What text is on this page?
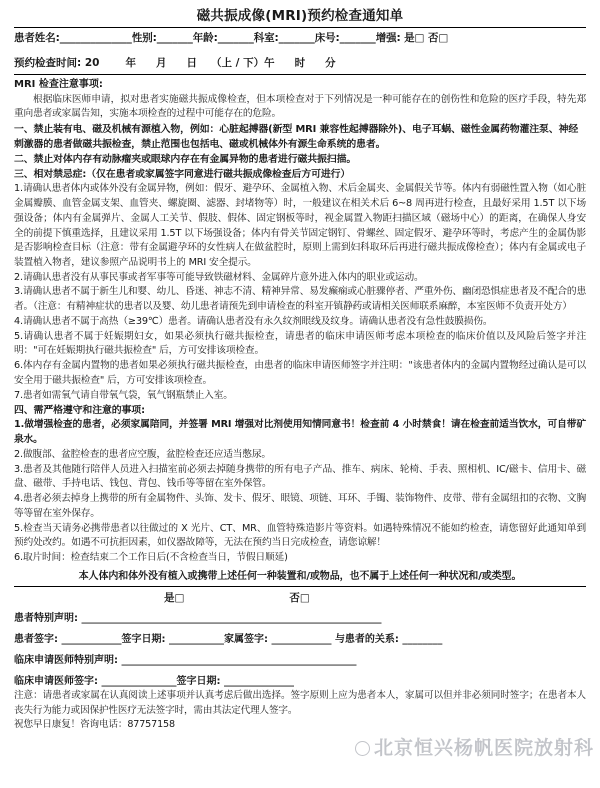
磁共振成像(MRI)预约检查通知单
患者姓名:______________性别:_______年龄:_______科室:_______床号:_______增强: 是□ 否□
预约检查时间: 20 年 月 日 （上 / 下）午 时 分
MRI 检查注意事项:

根据临床医师申请，拟对患者实施磁共振成像检查，但本项检查对于下列情况是一种可能存在的创伤性和危险的医疗手段，特先郑重向患者或家属告知，实施本项检查的过程中可能存在的危险。

一、禁止装有电、磁及机械有源植入物，例如：心脏起搏器(新型 MRI 兼容性起搏器除外)、电子耳蜗、磁性金属药物灌注泵、神经刺激器的患者做磁共振检查，禁止范围也包括电、磁或机械体外有源生命系统的患者。

二、禁止对体内存有动脉瘤夹或眼球内存在有金属异物的患者进行磁共振扫描。

三、相对禁忌症:（仅在患者或家属签字同意进行磁共振成像检查后方可进行）

1.请确认患者体内或体外没有金属异物，例如：假牙、避孕环、金属植入物、术后金属夹、金属假关节等。体内有弱磁性置入物（如心脏金属瓣膜、血管金属支架、血管夹、螺旋圈、滤器、封堵物等）时，一般建议在相关术后 6~8 周再进行检查，且最好采用 1.5T 以下场强设备；体内有金属弹片、金属人工关节、假肢、假体、固定钢板等时，视金属置入物距扫描区域（磁场中心）的距离，在确保人身安全的前提下慎重选择，且建议采用 1.5T 以下场强设备；体内有骨关节固定钢钉、骨螺丝、固定假牙、避孕环等时，考虑产生的金属伪影是否影响检查目标（注意：带有金属避孕环的女性病人在做盆腔时，原则上需到妇科取环后再进行磁共振成像检查）；体内有金属或电子装置植入物者，建议参照产品说明书上的 MRI 安全提示。

2.请确认患者没有从事民事或者军事等可能导致铁磁材料、金属碎片意外进入体内的职业或运动。

3.请确认患者不属于新生儿和婴、幼儿、昏迷、神志不清、精神异常、易发癫痫或心脏骤停者、严重外伤、幽闭恐惧症患者及不配合的患者。（注意：有精神症状的患者以及婴、幼儿患者请预先到申请检查的科室开镇静药或请相关医师联系麻醉，本室医师不负责开处方）

4.请确认患者不属于高热（≥39℃）患者。请确认患者没有永久纹剂眼线及纹身。请确认患者没有急性鼓膜损伤。

5.请确认患者不属于妊娠期妇女，如果必须执行磁共振检查，请患者的临床申请医师考虑本项检查的临床价值以及风险后签字并注明："可在妊娠期执行磁共振检查" 后，方可安排该项检查。

6.体内存有金属内置物的患者如果必须执行磁共振检查，由患者的临床申请医师签字并注明："该患者体内的金属内置物经过确认是可以安全用于磁共振检查" 后，方可安排该项检查。

7.患者如需氧气请自带氧气袋，氧气钢瓶禁止入室。

四、需严格遵守和注意的事项:

1.做增强检查的患者，必须家属陪同，并签署 MRI 增强对比剂使用知情同意书！检查前 4 小时禁食！请在检查前适当饮水，可自带矿泉水。

2.做腹部、盆腔检查的患者应空腹，盆腔检查还应适当憋尿。

3.患者及其他随行陪伴人员进入扫描室前必须去掉随身携带的所有电子产品、推车、病床、轮椅、手表、照相机、IC/磁卡、信用卡、磁盘、磁带、手持电话、钱包、背包、钱币等等留在室外保管。

4.患者必须去掉身上携带的所有金属物件、头饰、发卡、假牙、眼镜、项链、耳环、手镯、装饰物件、皮带、带有金属纽扣的衣物、文胸等等留在室外保存。

5.检查当天请务必携带患者以往做过的 X 光片、CT、MR、血管特殊造影片等资料。如遇特殊情况不能如约检查，请您留好此通知单到预约处改约。如遇不可抗拒因素，如仪器故障等，无法在预约当日完成检查，请您谅解！

6.取片时间：检查结束二个工作日后(不含检查当日，节假日顺延)

本人体内和体外没有植入或携带上述任何一种装置和/或物品，也不属于上述任何一种状况和/或类型。
是□	否□
患者特别声明: ____________________________________________________________
患者签字: ____________签字日期: ___________家属签字: ____________ 与患者的关系: ________
临床申请医师特别声明: _______________________________________________
临床申请医师签字: _______________签字日期: ______________

注意：请患者或家属在认真阅读上述事项并认真考虑后做出选择。签字原则上应为患者本人，家属可以但并非必须同时签字；在患者本人丧失行为能力或因保护性医疗无法签字时，需由其法定代理人签字。

祝您早日康复！咨询电话：87757158

北京恒兴杨帆医院放射科
